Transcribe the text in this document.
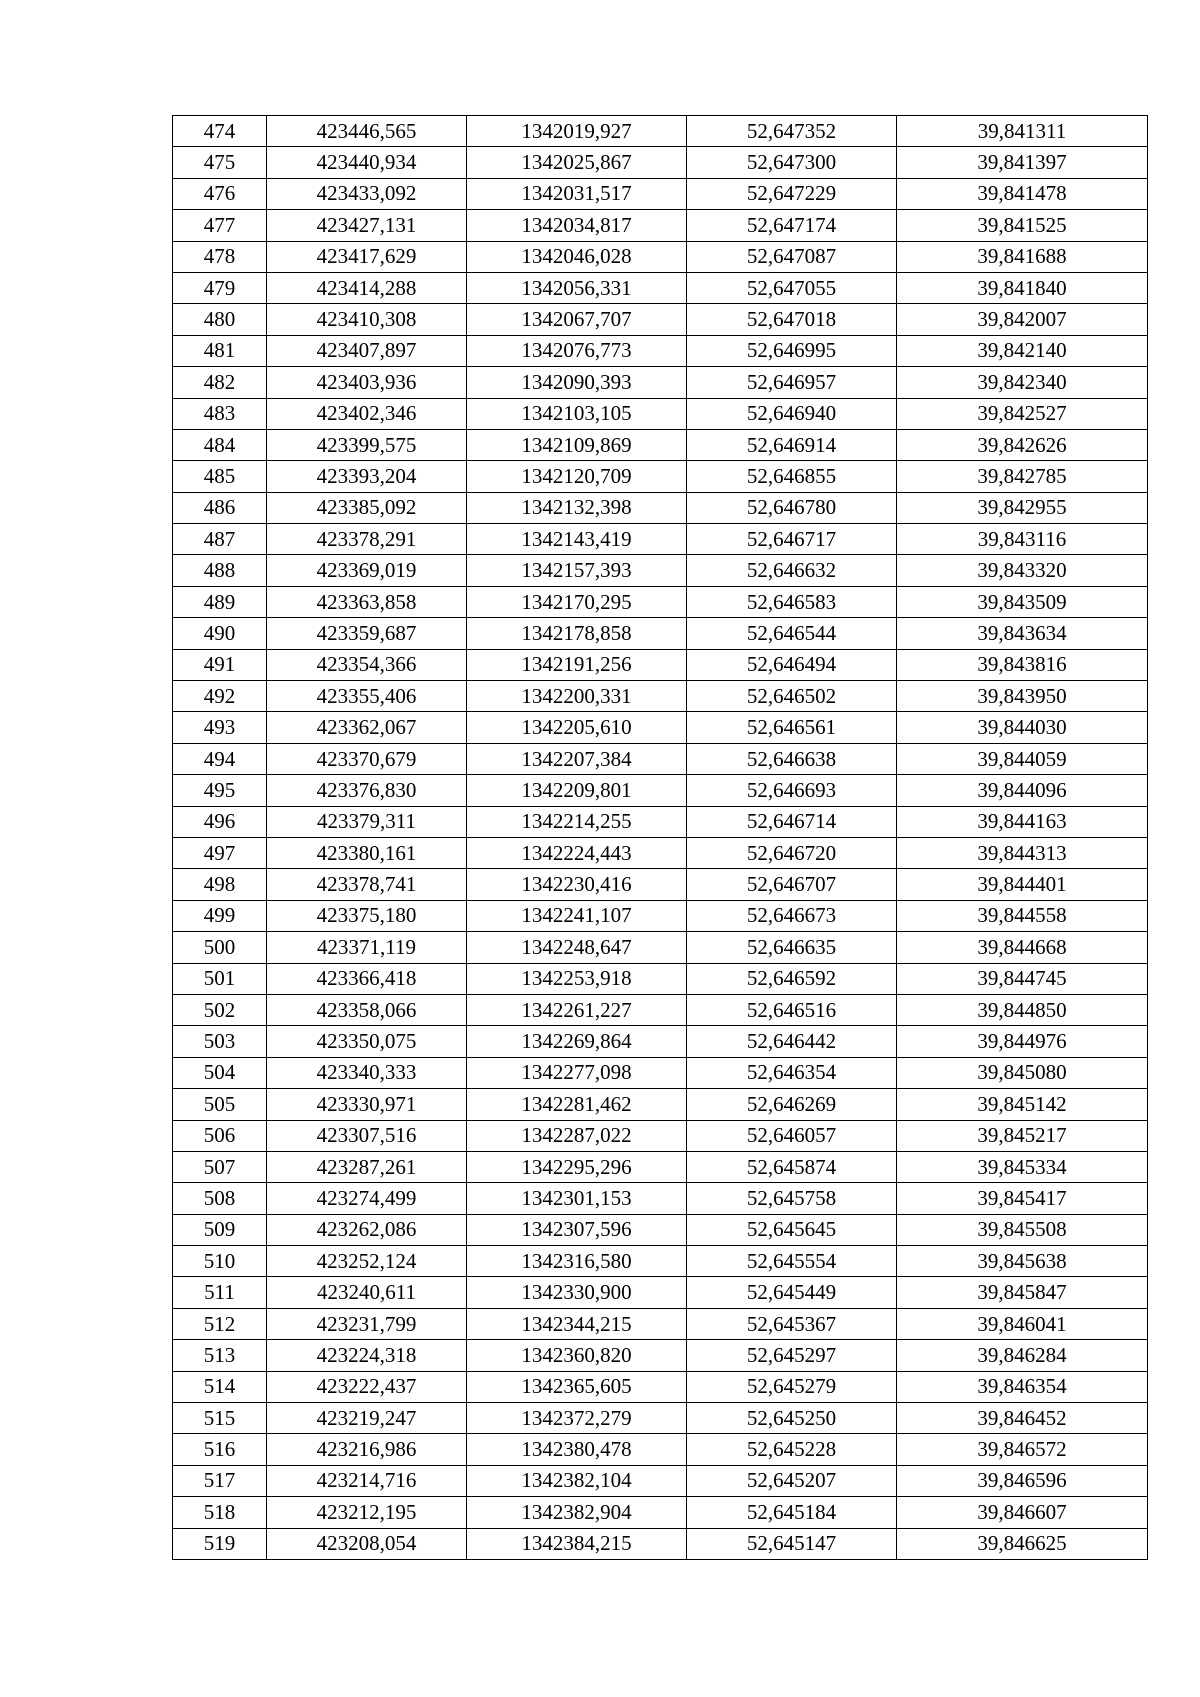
474	423446,565	1342019,927	52,647352	39,841311
475	423440,934	1342025,867	52,647300	39,841397
476	423433,092	1342031,517	52,647229	39,841478
477	423427,131	1342034,817	52,647174	39,841525
478	423417,629	1342046,028	52,647087	39,841688
479	423414,288	1342056,331	52,647055	39,841840
480	423410,308	1342067,707	52,647018	39,842007
481	423407,897	1342076,773	52,646995	39,842140
482	423403,936	1342090,393	52,646957	39,842340
483	423402,346	1342103,105	52,646940	39,842527
484	423399,575	1342109,869	52,646914	39,842626
485	423393,204	1342120,709	52,646855	39,842785
486	423385,092	1342132,398	52,646780	39,842955
487	423378,291	1342143,419	52,646717	39,843116
488	423369,019	1342157,393	52,646632	39,843320
489	423363,858	1342170,295	52,646583	39,843509
490	423359,687	1342178,858	52,646544	39,843634
491	423354,366	1342191,256	52,646494	39,843816
492	423355,406	1342200,331	52,646502	39,843950
493	423362,067	1342205,610	52,646561	39,844030
494	423370,679	1342207,384	52,646638	39,844059
495	423376,830	1342209,801	52,646693	39,844096
496	423379,311	1342214,255	52,646714	39,844163
497	423380,161	1342224,443	52,646720	39,844313
498	423378,741	1342230,416	52,646707	39,844401
499	423375,180	1342241,107	52,646673	39,844558
500	423371,119	1342248,647	52,646635	39,844668
501	423366,418	1342253,918	52,646592	39,844745
502	423358,066	1342261,227	52,646516	39,844850
503	423350,075	1342269,864	52,646442	39,844976
504	423340,333	1342277,098	52,646354	39,845080
505	423330,971	1342281,462	52,646269	39,845142
506	423307,516	1342287,022	52,646057	39,845217
507	423287,261	1342295,296	52,645874	39,845334
508	423274,499	1342301,153	52,645758	39,845417
509	423262,086	1342307,596	52,645645	39,845508
510	423252,124	1342316,580	52,645554	39,845638
511	423240,611	1342330,900	52,645449	39,845847
512	423231,799	1342344,215	52,645367	39,846041
513	423224,318	1342360,820	52,645297	39,846284
514	423222,437	1342365,605	52,645279	39,846354
515	423219,247	1342372,279	52,645250	39,846452
516	423216,986	1342380,478	52,645228	39,846572
517	423214,716	1342382,104	52,645207	39,846596
518	423212,195	1342382,904	52,645184	39,846607
519	423208,054	1342384,215	52,645147	39,846625
